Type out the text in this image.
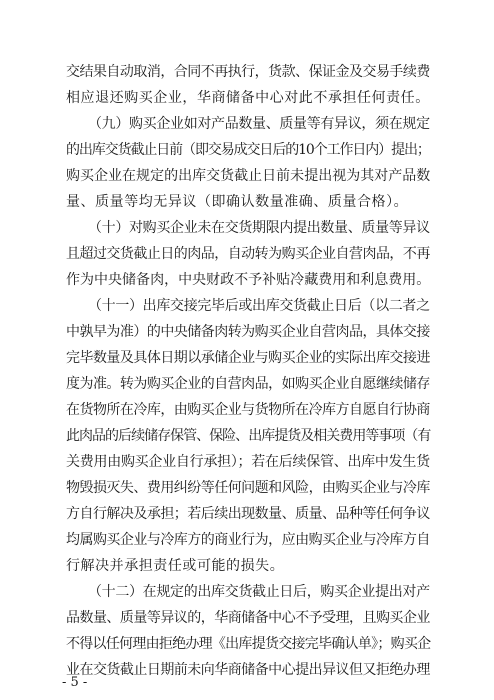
交结果自动取消，合同不再执行，货款、保证金及交易手续费
相应退还购买企业，华商储备中心对此不承担任何责任。
（九）购买企业如对产品数量、质量等有异议，须在规定
的出库交货截止日前（即交易成交日后的10个工作日内）提出；
购买企业在规定的出库交货截止日前未提出视为其对产品数
量、质量等均无异议（即确认数量准确、质量合格）。
（十）对购买企业未在交货期限内提出数量、质量等异议
且超过交货截止日的肉品，自动转为购买企业自营肉品，不再
作为中央储备肉，中央财政不予补贴冷藏费用和利息费用。
（十一）出库交接完毕后或出库交货截止日后（以二者之
中孰早为准）的中央储备肉转为购买企业自营肉品，具体交接
完毕数量及具体日期以承储企业与购买企业的实际出库交接进
度为准。转为购买企业的自营肉品，如购买企业自愿继续储存
在货物所在冷库，由购买企业与货物所在冷库方自愿自行协商
此肉品的后续储存保管、保险、出库提货及相关费用等事项（有
关费用由购买企业自行承担）；若在后续保管、出库中发生货
物毁损灭失、费用纠纷等任何问题和风险，由购买企业与冷库
方自行解决及承担；若后续出现数量、质量、品种等任何争议
均属购买企业与冷库方的商业行为，应由购买企业与冷库方自
行解决并承担责任或可能的损失。
（十二）在规定的出库交货截止日后，购买企业提出对产
品数量、质量等异议的，华商储备中心不予受理，且购买企业
不得以任何理由拒绝办理《出库提货交接完毕确认单》；购买企
业在交货截止日期前未向华商储备中心提出异议但又拒绝办理
- 5 -
